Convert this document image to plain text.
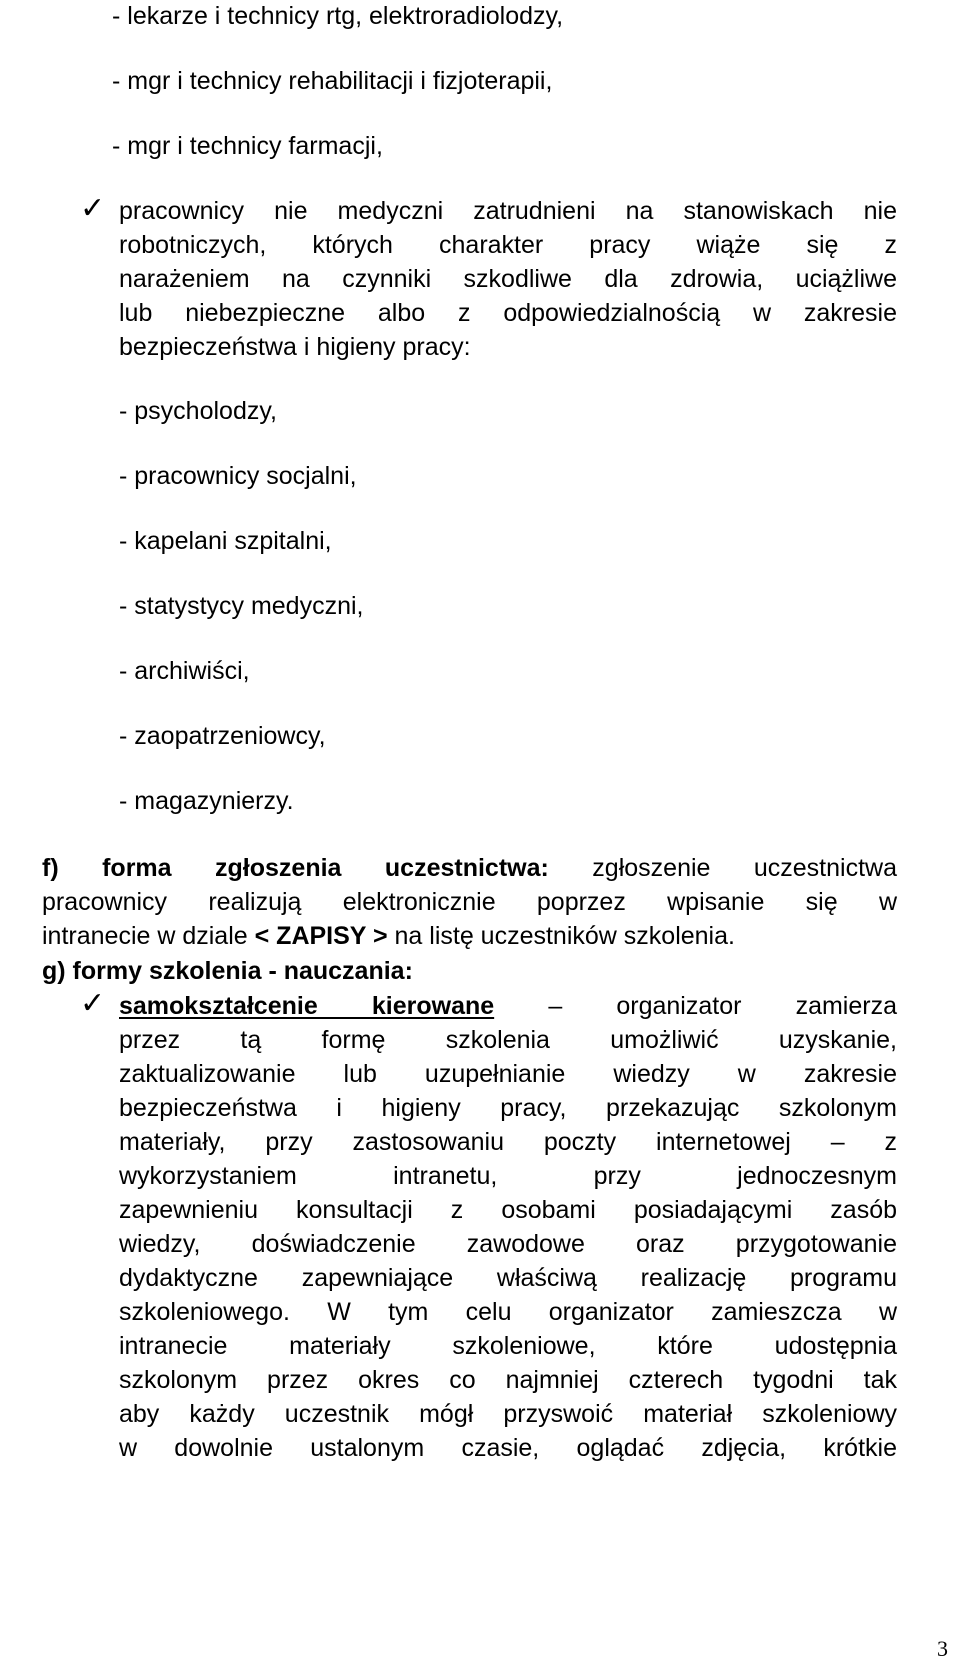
- lekarze i technicy rtg, elektroradiolodzy,
- mgr i technicy rehabilitacji i fizjoterapii,
- mgr i technicy farmacji,
✓ pracownicy nie medyczni zatrudnieni na stanowiskach nie
robotniczych, których charakter pracy wiąże się z
narażeniem na czynniki szkodliwe dla zdrowia, uciążliwe
lub niebezpieczne albo z odpowiedzialnością w zakresie
bezpieczeństwa i higieny pracy:
- psycholodzy,
- pracownicy socjalni,
- kapelani szpitalni,
- statystycy medyczni,
- archiwiści,
- zaopatrzeniowcy,
- magazynierzy.
f) forma zgłoszenia uczestnictwa: zgłoszenie uczestnictwa
pracownicy realizują elektronicznie poprzez wpisanie się w
intranecie w dziale < ZAPISY > na listę uczestników szkolenia.
g) formy szkolenia - nauczania:
✓ samokształcenie kierowane – organizator zamierza
przez tą formę szkolenia umożliwić uzyskanie,
zaktualizowanie lub uzupełnianie wiedzy w zakresie
bezpieczeństwa i higieny pracy, przekazując szkolonym
materiały, przy zastosowaniu poczty internetowej – z
wykorzystaniem intranetu, przy jednoczesnym
zapewnieniu konsultacji z osobami posiadającymi zasób
wiedzy, doświadczenie zawodowe oraz przygotowanie
dydaktyczne zapewniające właściwą realizację programu
szkoleniowego. W tym celu organizator zamieszcza w
intranecie materiały szkoleniowe, które udostępnia
szkolonym przez okres co najmniej czterech tygodni tak
aby każdy uczestnik mógł przyswoić materiał szkoleniowy
w dowolnie ustalonym czasie, oglądać zdjęcia, krótkie
3
